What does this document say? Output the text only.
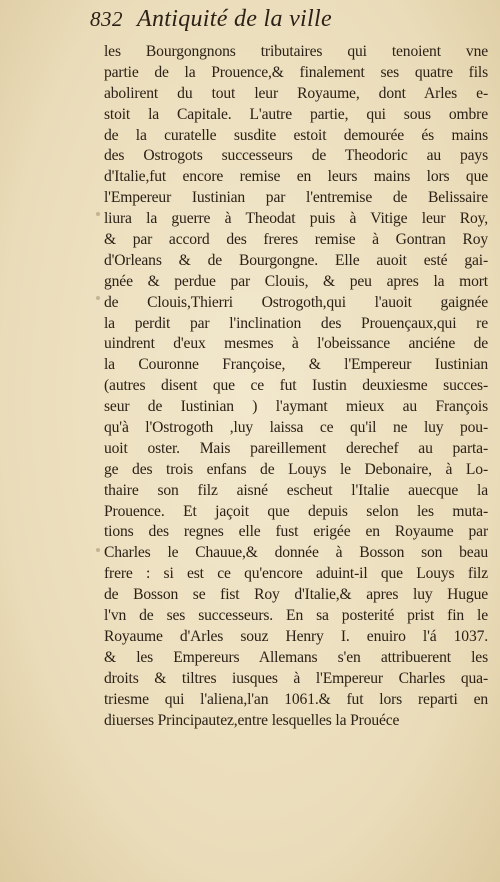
832 Antiquité de la ville
les Bourgongnons tributaires qui tenoient vne
partie de la Prouence,& finalement ses quatre fils
abolirent du tout leur Royaume, dont Arles e-
stoit la Capitale. L'autre partie, qui sous ombre
de la curatelle susdite estoit demourée és mains
des Ostrogots successeurs de Theodoric au pays
d'Italie,fut encore remise en leurs mains lors que
l'Empereur Iustinian par l'entremise de Belissaire
liura la guerre à Theodat puis à Vitige leur Roy,
& par accord des freres remise à Gontran Roy
d'Orleans & de Bourgongne. Elle auoit esté gai-
gnée & perdue par Clouis, & peu apres la mort
de Clouis,Thierri Ostrogoth,qui l'auoit gaignée
la perdit par l'inclination des Prouençaux,qui re
uindrent d'eux mesmes à l'obeissance anciéne de
la Couronne Françoise, & l'Empereur Iustinian
(autres disent que ce fut Iustin deuxiesme succes-
seur de Iustinian ) l'aymant mieux au François
qu'à l'Ostrogoth ,luy laissa ce qu'il ne luy pou-
uoit oster. Mais pareillement derechef au parta-
ge des trois enfans de Louys le Debonaire, à Lo-
thaire son filz aisné escheut l'Italie auecque la
Prouence. Et jaçoit que depuis selon les muta-
tions des regnes elle fust erigée en Royaume par
Charles le Chauue,& donnée à Bosson son beau
frere : si est ce qu'encore aduint-il que Louys filz
de Bosson se fist Roy d'Italie,& apres luy Hugue
l'vn de ses successeurs. En sa posterité prist fin le
Royaume d'Arles souz Henry I. enuiro l'á 1037.
& les Empereurs Allemans s'en attribuerent les
droits & tiltres iusques à l'Empereur Charles qua-
triesme qui l'aliena,l'an 1061.& fut lors reparti en
diuerses Principautez,entre lesquelles la Prouéce
